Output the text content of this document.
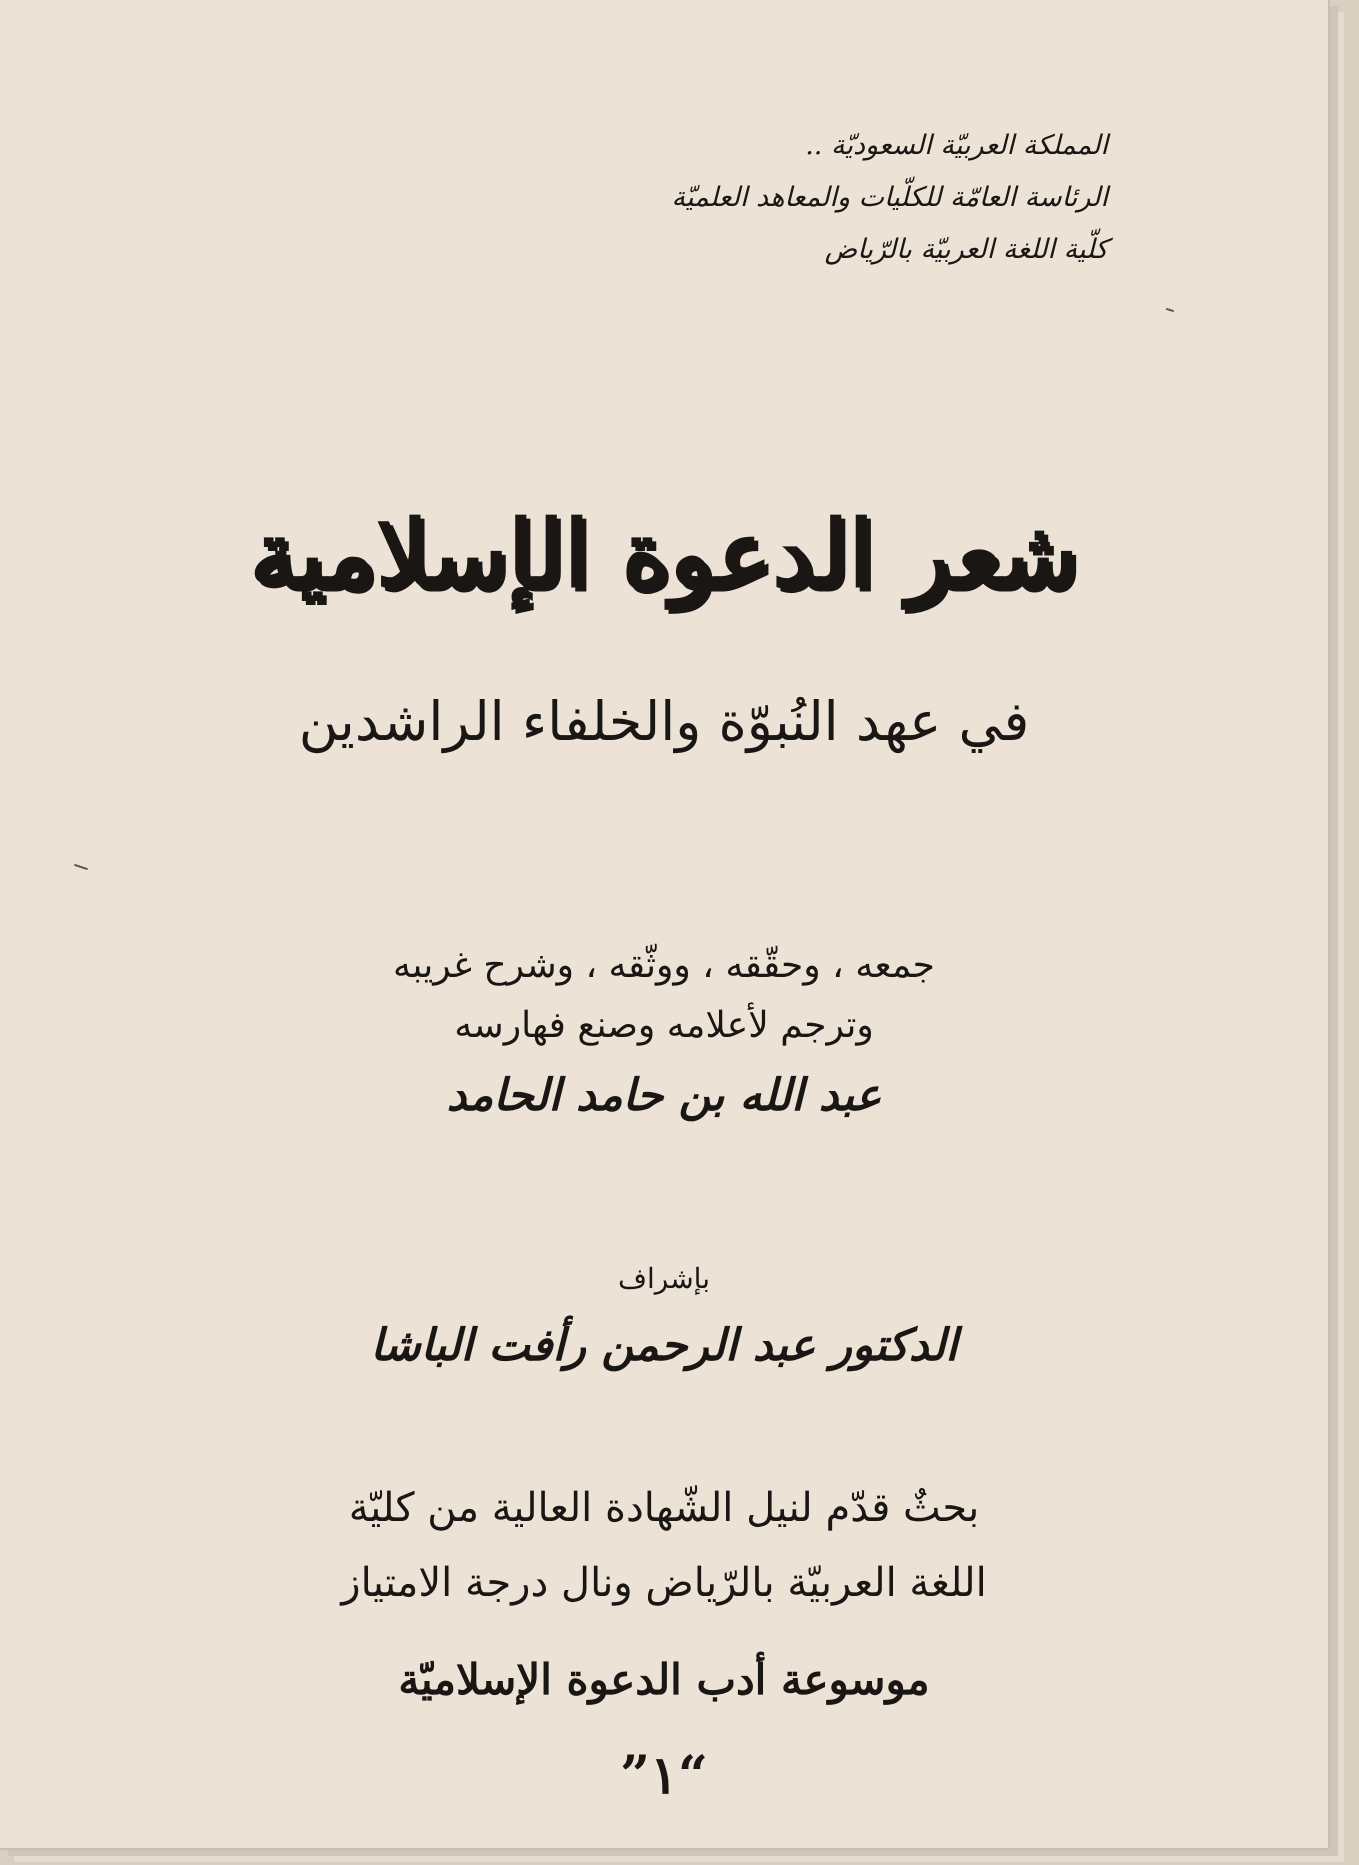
المملكة العربيّة السعوديّة ..
الرئاسة العامّة للكلّيات والمعاهد العلميّة
كلّية اللغة العربيّة بالرّياض
شعر الدعوة الإسلامية
في عهد النُبوّة والخلفاء الراشدين
جمعه ، وحقّقه ، ووثّقه ، وشرح غريبه
وترجم لأعلامه وصنع فهارسه
عبد الله بن حامد الحامد
بإشراف
الدكتور عبد الرحمن رأفت الباشا
بحثٌ قدّم لنيل الشّهادة العالية من كليّة
اللغة العربيّة بالرّياض ونال درجة الامتياز
موسوعة أدب الدعوة الإسلاميّة
“١”
